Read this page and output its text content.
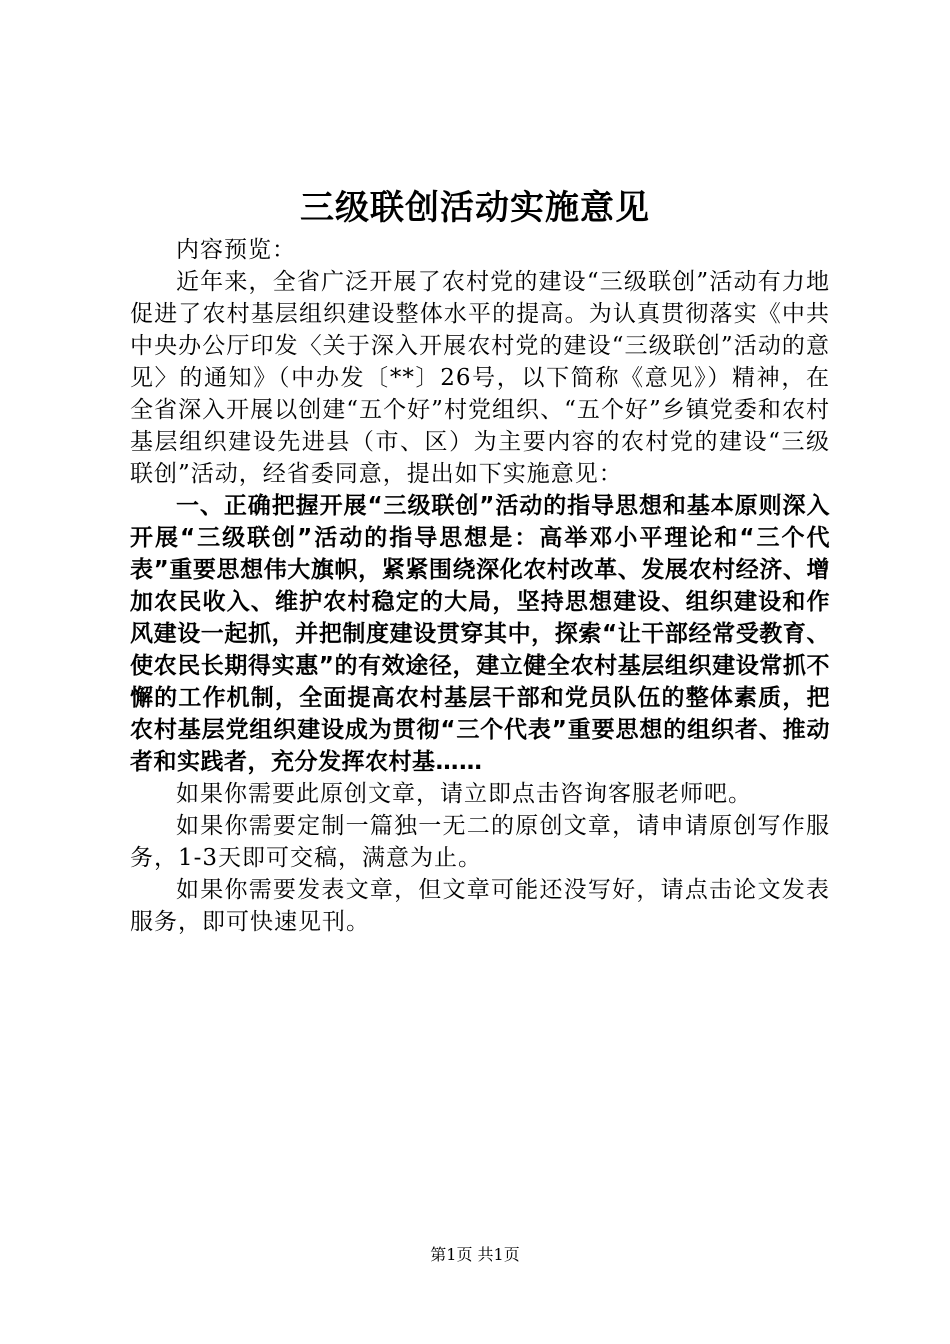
三级联创活动实施意见

内容预览：

近年来，全省广泛开展了农村党的建设“三级联创”活动有力地促进了农村基层组织建设整体水平的提高。为认真贯彻落实《中共中央办公厅印发〈关于深入开展农村党的建设“三级联创”活动的意见〉的通知》（中办发〔**〕26号，以下简称《意见》）精神，在全省深入开展以创建“五个好”村党组织、“五个好”乡镇党委和农村基层组织建设先进县（市、区）为主要内容的农村党的建设“三级联创”活动，经省委同意，提出如下实施意见：

一、正确把握开展“三级联创”活动的指导思想和基本原则深入开展“三级联创”活动的指导思想是：高举邓小平理论和“三个代表”重要思想伟大旗帜，紧紧围绕深化农村改革、发展农村经济、增加农民收入、维护农村稳定的大局，坚持思想建设、组织建设和作风建设一起抓，并把制度建设贯穿其中，探索“让干部经常受教育、使农民长期得实惠”的有效途径，建立健全农村基层组织建设常抓不懈的工作机制，全面提高农村基层干部和党员队伍的整体素质，把农村基层党组织建设成为贯彻“三个代表”重要思想的组织者、推动者和实践者，充分发挥农村基……

如果你需要此原创文章，请立即点击咨询客服老师吧。

如果你需要定制一篇独一无二的原创文章，请申请原创写作服务，1-3天即可交稿，满意为止。

如果你需要发表文章，但文章可能还没写好，请点击论文发表服务，即可快速见刊。

第1页 共1页
